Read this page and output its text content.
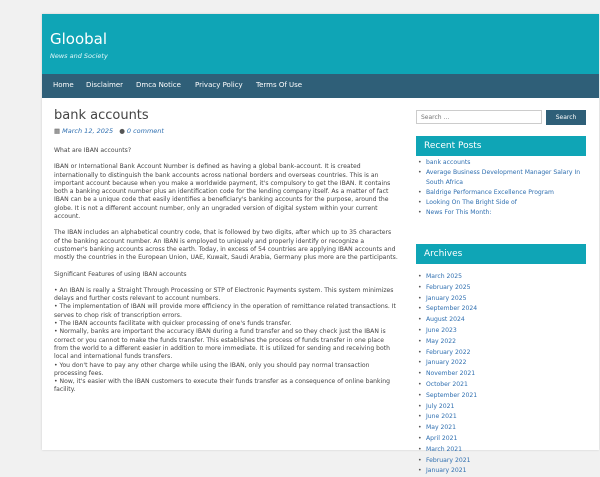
Gloobal
News and Society
Home Disclaimer Dmca Notice Privacy Policy Terms Of Use
bank accounts
▦ March 12, 2025 ● 0 comment

What are IBAN accounts?

IBAN or International Bank Account Number is defined as having a global bank-account. It is created internationally to distinguish the bank accounts across national borders and overseas countries. This is an important account because when you make a worldwide payment, it's compulsory to get the IBAN. It contains both a banking account number plus an identification code for the lending company itself. As a matter of fact IBAN can be a unique code that easily identifies a beneficiary's banking accounts for the purpose, around the globe. It is not a different account number, only an ungraded version of digital system within your current account.

The IBAN includes an alphabetical country code, that is followed by two digits, after which up to 35 characters of the banking account number. An IBAN is employed to uniquely and properly identify or recognize a customer's banking accounts across the earth. Today, in excess of 54 countries are applying IBAN accounts and mostly the countries in the European Union, UAE, Kuwait, Saudi Arabia, Germany plus more are the participants.

Significant Features of using IBAN accounts

• An IBAN is really a Straight Through Processing or STP of Electronic Payments system. This system minimizes delays and further costs relevant to account numbers.

• The implementation of IBAN will provide more efficiency in the operation of remittance related transactions. It serves to chop risk of transcription errors.

• The IBAN accounts facilitate with quicker processing of one's funds transfer.

• Normally, banks are important the accuracy IBAN during a fund transfer and so they check just the IBAN is correct or you cannot to make the funds transfer. This establishes the process of funds transfer in one place from the world to a different easier in addition to more immediate. It is utilized for sending and receiving both local and international funds transfers.

• You don't have to pay any other charge while using the IBAN, only you should pay normal transaction processing fees.

• Now, it's easier with the IBAN customers to execute their funds transfer as a consequence of online banking facility.

Search ...
Search
Recent Posts
• bank accounts
• Average Business Development Manager Salary In South Africa
• Baldrige Performance Excellence Program
• Looking On The Bright Side of
• News For This Month:
Archives
• March 2025
• February 2025
• January 2025
• September 2024
• August 2024
• June 2023
• May 2022
• February 2022
• January 2022
• November 2021
• October 2021
• September 2021
• July 2021
• June 2021
• May 2021
• April 2021
• March 2021
• February 2021
• January 2021
